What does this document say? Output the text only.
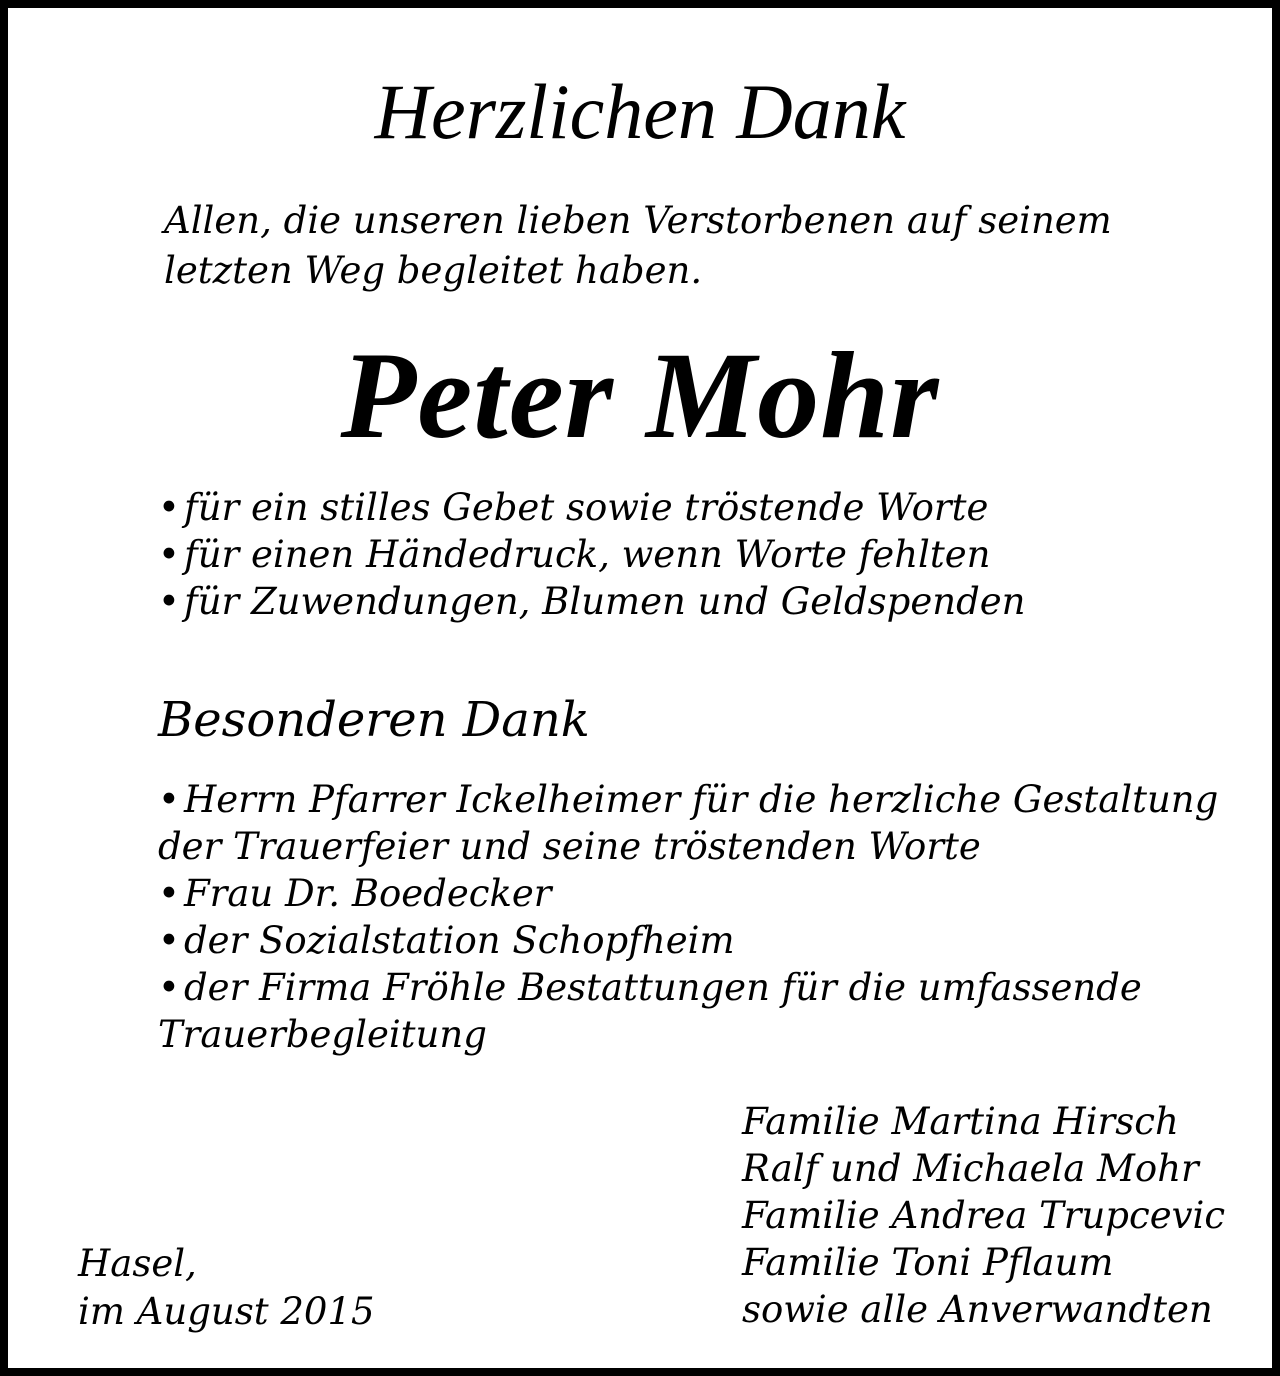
Herzlichen Dank
Allen, die unseren lieben Verstorbenen auf seinem
letzten Weg begleitet haben.
Peter Mohr
• für ein stilles Gebet sowie tröstende Worte
• für einen Händedruck, wenn Worte fehlten
• für Zuwendungen, Blumen und Geldspenden
Besonderen Dank
• Herrn Pfarrer Ickelheimer für die herzliche Gestaltung
der Trauerfeier und seine tröstenden Worte
• Frau Dr. Boedecker
• der Sozialstation Schopfheim
• der Firma Fröhle Bestattungen für die umfassende
Trauerbegleitung
Familie Martina Hirsch
Ralf und Michaela Mohr
Familie Andrea Trupcevic
Familie Toni Pflaum
sowie alle Anverwandten
Hasel,
im August 2015
